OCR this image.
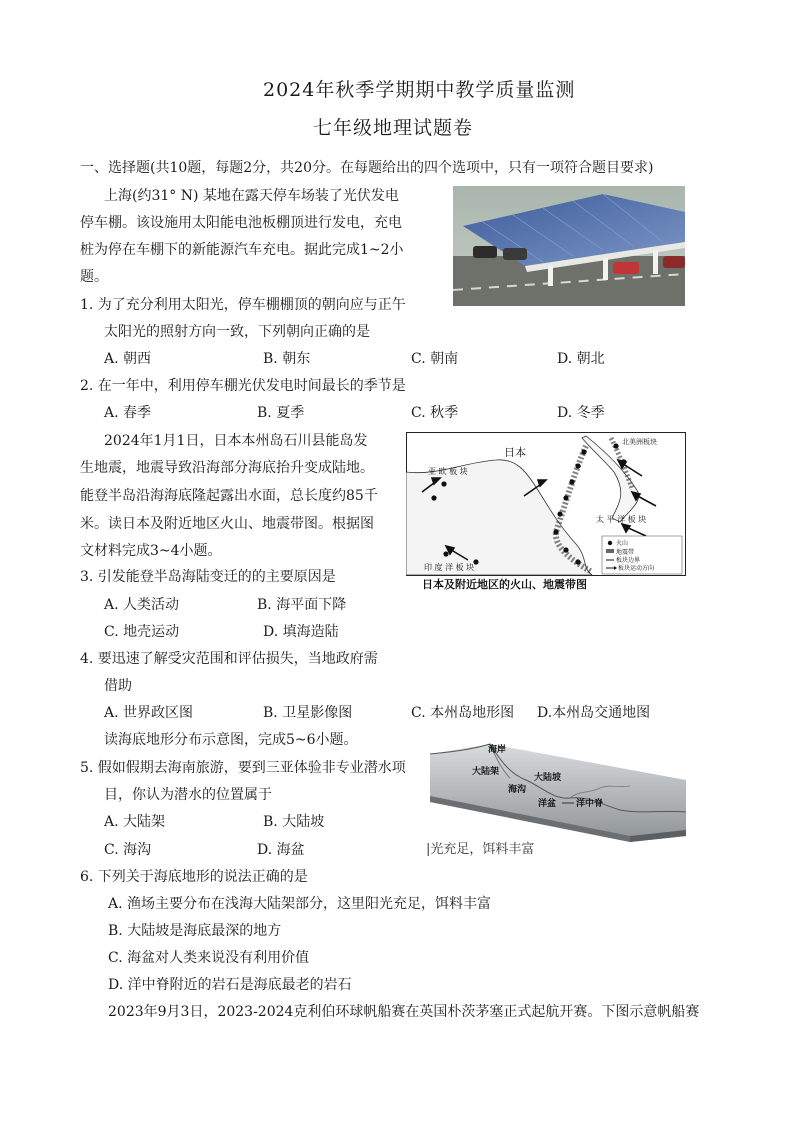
2024年秋季学期期中教学质量监测
七年级地理试题卷
一、选择题(共10题，每题2分，共20分。在每题给出的四个选项中，只有一项符合题目要求)
上海(约31° N) 某地在露天停车场装了光伏发电
停车棚。该设施用太阳能电池板棚顶进行发电，充电
桩为停在车棚下的新能源汽车充电。据此完成1~2小
题。
1. 为了充分利用太阳光，停车棚棚顶的朝向应与正午
太阳光的照射方向一致，下列朝向正确的是
A. 朝西	B. 朝东	C. 朝南	D. 朝北
2. 在一年中，利用停车棚光伏发电时间最长的季节是
A. 春季	B. 夏季	C. 秋季	D. 冬季
2024年1月1日，日本本州岛石川县能岛发
生地震，地震导致沿海部分海底抬升变成陆地。
能登半岛沿海海底隆起露出水面，总长度约85千
米。读日本及附近地区火山、地震带图。根据图
文材料完成3~4小题。
日本
亚 欧 板 块
太 平 洋 板 块
印 度 洋 板 块
北美洲板块
火山
地震带
板块边界
板块运动方向
日本及附近地区的火山、地震带图
3. 引发能登半岛海陆变迁的的主要原因是
A. 人类活动	B. 海平面下降
C. 地壳运动	D. 填海造陆
4. 要迅速了解受灾范围和评估损失，当地政府需
借助
A. 世界政区图	B. 卫星影像图	C. 本州岛地形图 D.本州岛交通地图
读海底地形分布示意图，完成5~6小题。
海岸
大陆架
大陆坡
海沟
洋盆 洋中脊
|光充足，饵料丰富
5. 假如假期去海南旅游，要到三亚体验非专业潜水项
目，你认为潜水的位置属于
A. 大陆架	B. 大陆坡
C. 海沟	D. 海盆
6. 下列关于海底地形的说法正确的是
A. 渔场主要分布在浅海大陆架部分，这里阳光充足，饵料丰富
B. 大陆坡是海底最深的地方
C. 海盆对人类来说没有利用价值
D. 洋中脊附近的岩石是海底最老的岩石
2023年9月3日，2023-2024克利伯环球帆船赛在英国朴茨茅塞正式起航开赛。下图示意帆船赛
